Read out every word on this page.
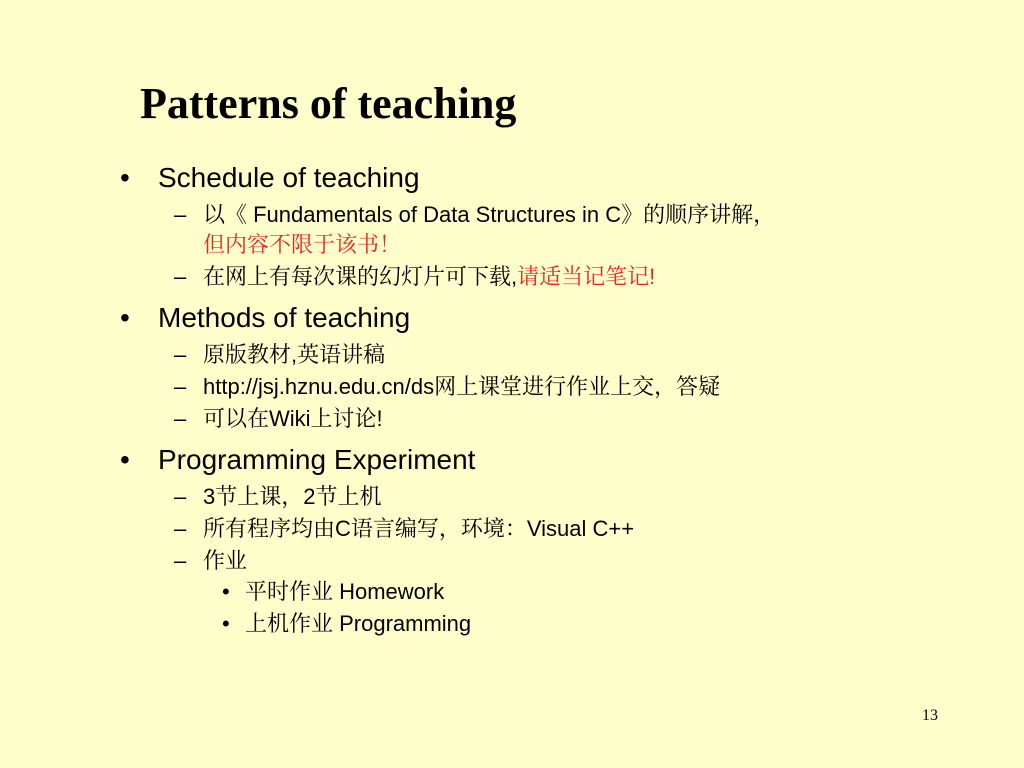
Patterns of teaching
•	Schedule of teaching
– 以《 Fundamentals of Data Structures in C》的顺序讲解，
但内容不限于该书！
– 在网上有每次课的幻灯片可下载,请适当记笔记!
•	Methods of teaching
– 原版教材,英语讲稿
– http://jsj.hznu.edu.cn/ds网上课堂进行作业上交，答疑
– 可以在Wiki上讨论!
•	Programming Experiment
– 3节上课，2节上机
– 所有程序均由C语言编写，环境：Visual C++
– 作业
• 平时作业 Homework
• 上机作业 Programming
13
